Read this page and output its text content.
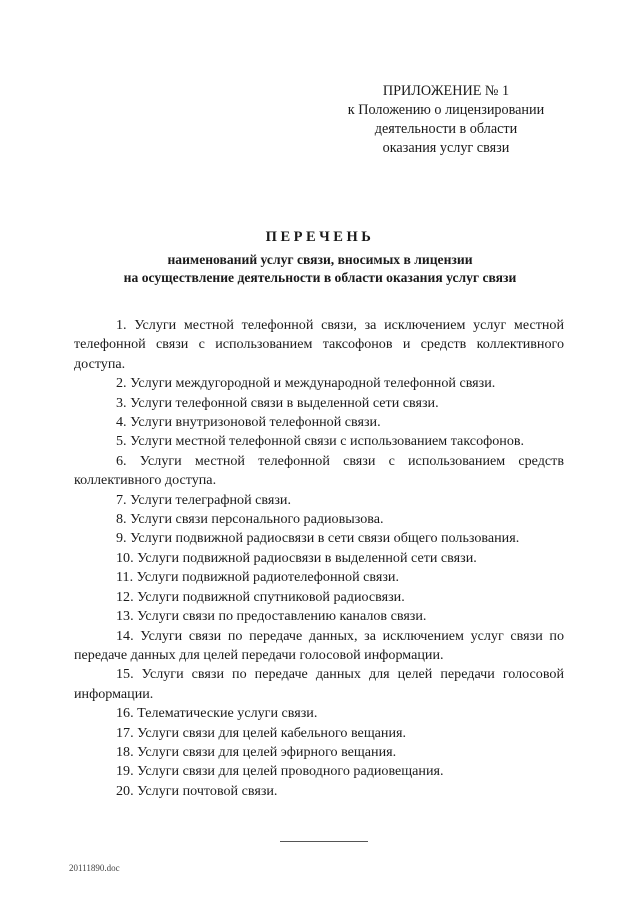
ПРИЛОЖЕНИЕ № 1
к Положению о лицензировании
деятельности в области
оказания услуг связи
ПЕРЕЧЕНЬ
наименований услуг связи, вносимых в лицензии
на осуществление деятельности в области оказания услуг связи
1. Услуги местной телефонной связи, за исключением услуг местной телефонной связи с использованием таксофонов и средств коллективного доступа.
2. Услуги междугородной и международной телефонной связи.
3. Услуги телефонной связи в выделенной сети связи.
4. Услуги внутризоновой телефонной связи.
5. Услуги местной телефонной связи с использованием таксофонов.
6. Услуги местной телефонной связи с использованием средств коллективного доступа.
7. Услуги телеграфной связи.
8. Услуги связи персонального радиовызова.
9. Услуги подвижной радиосвязи в сети связи общего пользования.
10. Услуги подвижной радиосвязи в выделенной сети связи.
11. Услуги подвижной радиотелефонной связи.
12. Услуги подвижной спутниковой радиосвязи.
13. Услуги связи по предоставлению каналов связи.
14. Услуги связи по передаче данных, за исключением услуг связи по передаче данных для целей передачи голосовой информации.
15. Услуги связи по передаче данных для целей передачи голосовой информации.
16. Телематические услуги связи.
17. Услуги связи для целей кабельного вещания.
18. Услуги связи для целей эфирного вещания.
19. Услуги связи для целей проводного радиовещания.
20. Услуги почтовой связи.
20111890.doc
